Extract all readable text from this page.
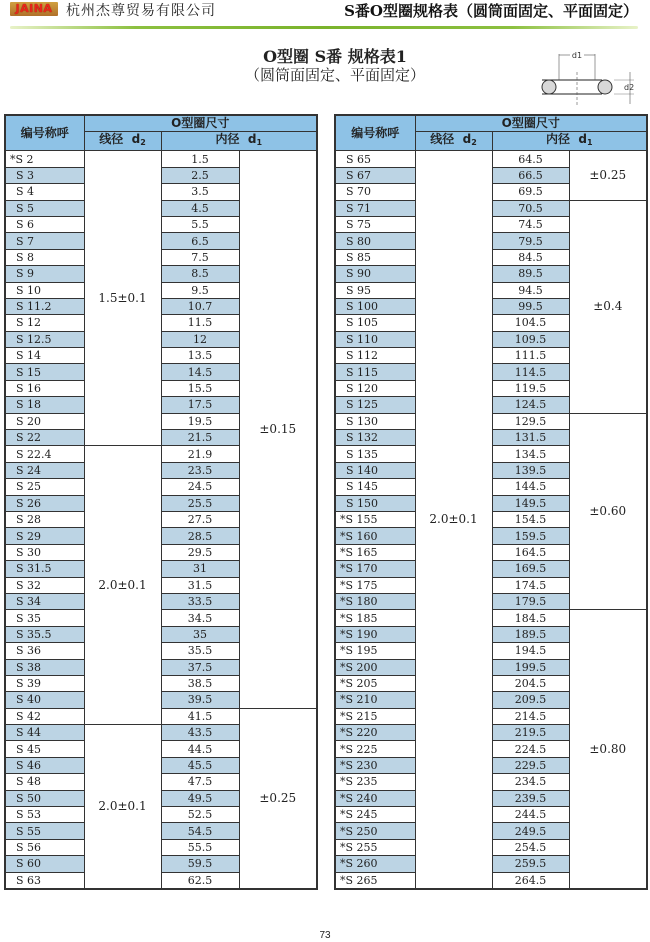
JAINA 杭州杰尊贸易有限公司	S番O型圈规格表（圆筒面固定、平面固定）
O型圈 S番 规格表1
（圆筒面固定、平面固定）
d1
d2
编号称呼	O型圈尺寸		
	线径 $d_2$	内径 $d_1$
*S 2	1.5±0.1	1.5	±0.15
S 3		2.5	
S 4		3.5	
S 5		4.5	
S 6		5.5	
S 7		6.5	
S 8		7.5	
S 9		8.5	
S 10		9.5	
S 11.2		10.7	
S 12		11.5	
S 12.5		12	
S 14		13.5	
S 15		14.5	
S 16		15.5	
S 18		17.5	
S 20		19.5	
S 22		21.5	
S 22.4	2.0±0.1	21.9	
S 24		23.5	
S 25		24.5	
S 26		25.5	
S 28		27.5	
S 29		28.5	
S 30		29.5	
S 31.5		31	
S 32		31.5	
S 34		33.5	
S 35		34.5	
S 35.5		35	
S 36		35.5	
S 38		37.5	
S 39		38.5	
S 40		39.5	
S 42		41.5	±0.25
S 44	2.0±0.1	43.5	
S 45		44.5	
S 46		45.5	
S 48		47.5	
S 50		49.5	
S 53		52.5	
S 55		54.5	
S 56		55.5	
S 60		59.5	
S 63		62.5	
编号称呼	O型圈尺寸		
	线径 $d_2$	内径 $d_1$
S 65	2.0±0.1	64.5	±0.25
S 67		66.5	
S 70		69.5	
S 71		70.5	±0.4
S 75		74.5	
S 80		79.5	
S 85		84.5	
S 90		89.5	
S 95		94.5	
S 100		99.5	
S 105		104.5	
S 110		109.5	
S 112		111.5	
S 115		114.5	
S 120		119.5	
S 125		124.5	
S 130		129.5	±0.60
S 132		131.5	
S 135		134.5	
S 140		139.5	
S 145		144.5	
S 150		149.5	
*S 155		154.5	
*S 160		159.5	
*S 165		164.5	
*S 170		169.5	
*S 175		174.5	
*S 180		179.5	
*S 185		184.5	±0.80
*S 190		189.5	
*S 195		194.5	
*S 200		199.5	
*S 205		204.5	
*S 210		209.5	
*S 215		214.5	
*S 220		219.5	
*S 225		224.5	
*S 230		229.5	
*S 235		234.5	
*S 240		239.5	
*S 245		244.5	
*S 250		249.5	
*S 255		254.5	
*S 260		259.5	
*S 265		264.5	
73
